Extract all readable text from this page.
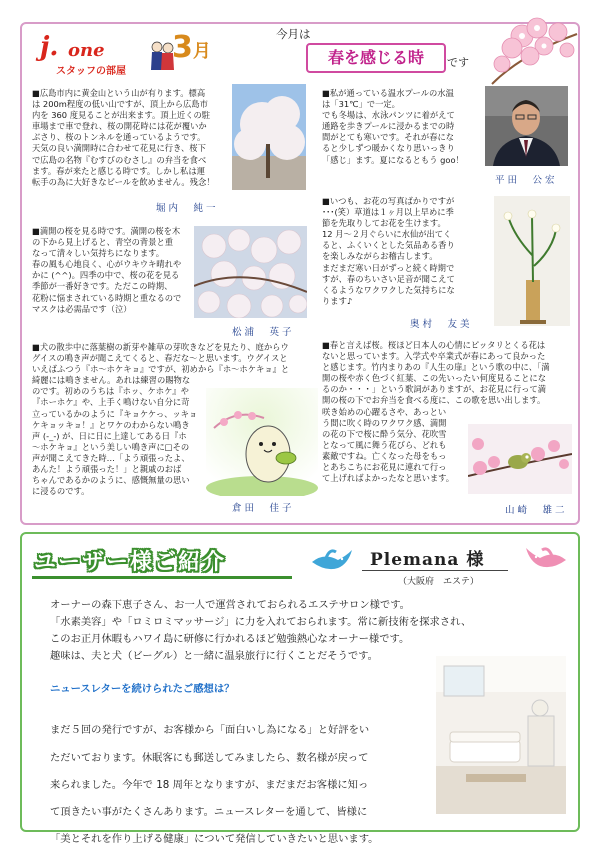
j. one
スタッフの部屋
3月
今月は
春を感じる時	です

■広島市内に黄金山という山が有ります。標高

は 200m程度の低い山ですが、頂上から広島市

内を 360 度見ることが出来ます。頂上近くの駐

車場まで車で登れ、桜の開花時には花が覆いか

ぶさり、桜のトンネルを通っているようです。

天気の良い満開時に合わせて花見に行き、桜下

で広島の名物『むすびのむさし』の弁当を食べ

ます。春が来たと感じる時です。しかし私は運

転手の為に大好きなビールを飲めません。残念！

堀内　純一

■満開の桜を見る時です。満開の桜を木

の下から見上げると、青空の背景と重

なって清々しい気持ちになります。

春の風も心地良く、心がウキウキ晴れや

かに (^^)。四季の中で、桜の花を見る

季節が一番好きです。ただこの時期、

花粉に悩まされている時期と重なるので

マスクは必需品です（泣）

松浦　英子

■犬の散歩中に落葉樹の新芽や雑草の芽吹きなどを見たり、庭からウ

グイスの鳴き声が聞こえてくると、春だな～と思います。ウグイスと

いえばふつう『ホ～ホケキョ』ですが、初めから『ホ～ホケキョ』と

綺麗には鳴きません。あれは練習の賜物な

のです。初めのうちは『ホッ、ケホケ』や

『ホーホケ』や、上手く鳴けない自分に苛

立っているかのように『キョケケっ、ッキョ

ケキョッキョ！』とワケのわからない鳴き

声 (-_-) が、日に日に上達してある日『ホ

～ホケキョ』という美しい鳴き声に□その

声が聞こえてきた時…「よう頑張ったよ、

あんた！よう頑張った！」と親戚のおば

ちゃんであるかのように、感慨無量の思い

に浸るのです。

倉田　佳子

■私が通っている温水プールの水温

は「31℃」で一定。

でも冬場は、水泳パンツに着がえて

通路を歩きプールに浸かるまでの時

間がとても寒いです。それが春にな

ると少しずつ暖かくなり思いっきり

「感じ」ます。夏になるともう goo！

平田　公宏

■いつも、お花の写真ばかりですが

･･･(笑）草道は１ヶ月以上早めに季

節を先取りしてお花を生けます。

12 月～２月ぐらいに水仙が出てく

ると、ふくいくとした気品ある香り

を楽しみながらお稽古します。

まだまだ寒い日がずっと続く時期で

すが、春のちいさい足音が聞こえて

くるようなワクワクした気持ちにな

ります♪

奥村　友美

■春と言えば桜。桜ほど日本人の心情にピッタリとくる花は

ないと思っています。入学式や卒業式が春にあって良かった

と感じます。竹内まりあの『人生の扉』という歌の中に、「満

開の桜や赤く色づく紅葉、この先いったい何度見ることにな

るのか・・・」という歌詞がありますが、お花見に行って満

開の桜の下でお弁当を食べる度に、この歌を思い出します。

咲き始めの心躍るさや、あっとい

う間に吹く時のワクワク感、満開

の花の下で桜に酔う気分、花吹雪

となって風に舞う花びら、どれも

素敵ですね。亡くなった母をもっ

とあちこちにお花見に連れて行っ

て上げればよかったなと思います。

山崎　雄二
ユーザー様ご紹介	Plemana 様
（大阪府　エステ）

オーナーの森下恵子さん、お一人で運営されておられるエステサロン様です。

「水素美容」や「ロミロミマッサージ」に力を入れておられます。常に新技術を探求され、

このお正月休暇もハワイ島に研修に行かれるほど勉強熱心なオーナー様です。

趣味は、夫と犬（ビーグル）と一緒に温泉旅行に行くことだそうです。

ニュースレターを続けられたご感想は？

まだ５回の発行ですが、お客様から「面白いし為になる」と好評をい

ただいております。休眠客にも郵送してみましたら、数名様が戻って

来られました。今年で 18 周年となりますが、まだまだお客様に知っ

て頂きたい事がたくさんあります。ニュースレターを通して、皆様に

「美とそれを作り上げる健康」について発信していきたいと思います。
